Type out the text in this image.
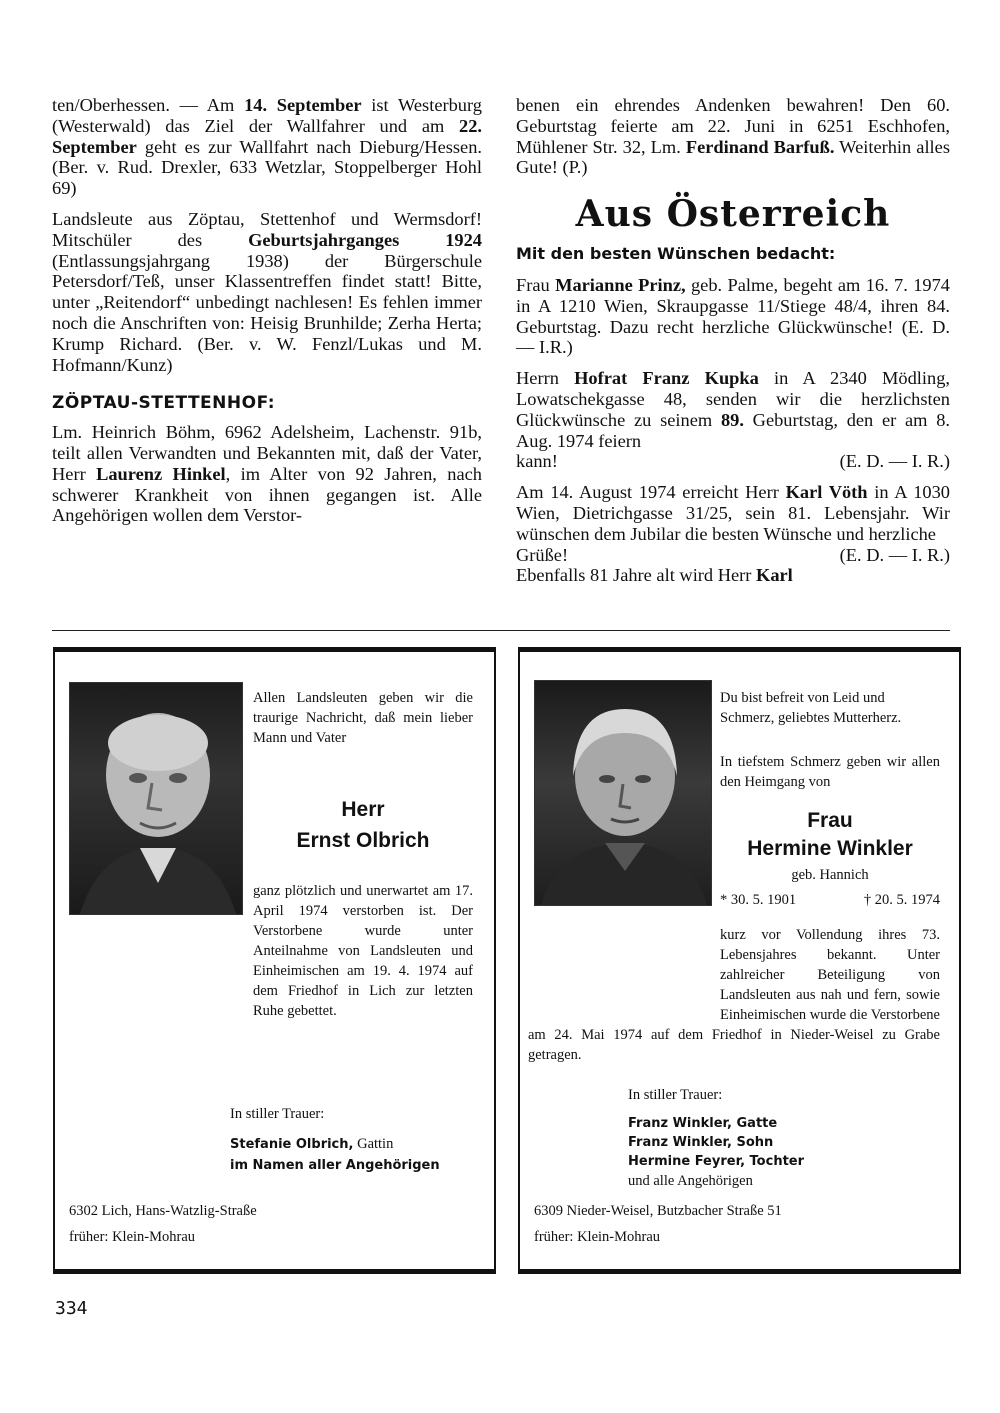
ten/Oberhessen. — Am 14. September ist Westerburg (Westerwald) das Ziel der Wallfahrer und am 22. September geht es zur Wallfahrt nach Dieburg/Hessen. (Ber. v. Rud. Drexler, 633 Wetzlar, Stoppelberger Hohl 69)

Landsleute aus Zöptau, Stettenhof und Wermsdorf! Mitschüler des Geburtsjahrganges 1924 (Entlassungsjahrgang 1938) der Bürgerschule Petersdorf/Teß, unser Klassentreffen findet statt! Bitte, unter „Reitendorf“ unbedingt nachlesen! Es fehlen immer noch die Anschriften von: Heisig Brunhilde; Zerha Herta; Krump Richard. (Ber. v. W. Fenzl/Lukas und M. Hofmann/Kunz)

ZÖPTAU-STETTENHOF:

Lm. Heinrich Böhm, 6962 Adelsheim, Lachenstr. 91b, teilt allen Verwandten und Bekannten mit, daß der Vater, Herr Laurenz Hinkel, im Alter von 92 Jahren, nach schwerer Krankheit von ihnen gegangen ist. Alle Angehörigen wollen dem Verstor-

benen ein ehrendes Andenken bewahren! Den 60. Geburtstag feierte am 22. Juni in 6251 Eschhofen, Mühlener Str. 32, Lm. Ferdinand Barfuß. Weiterhin alles Gute! (P.)

Aus Österreich
Mit den besten Wünschen bedacht:

Frau Marianne Prinz, geb. Palme, begeht am 16. 7. 1974 in A 1210 Wien, Skraupgasse 11/Stiege 48/4, ihren 84. Geburtstag. Dazu recht herzliche Glückwünsche! (E. D. — I.R.)

Herrn Hofrat Franz Kupka in A 2340 Mödling, Lowatschekgasse 48, senden wir die herzlichsten Glückwünsche zu seinem 89. Geburtstag, den er am 8. Aug. 1974 feiern

kann!	(E. D. — I. R.)

Am 14. August 1974 erreicht Herr Karl Vöth in A 1030 Wien, Dietrichgasse 31/25, sein 81. Lebensjahr. Wir wünschen dem Jubilar die besten Wünsche und herzliche

Grüße!	(E. D. — I. R.)

Ebenfalls 81 Jahre alt wird Herr Karl

Allen Landsleuten geben wir die traurige Nachricht, daß mein lieber Mann und Vater
Herr
Ernst Olbrich
ganz plötzlich und unerwartet am 17. April 1974 verstorben ist. Der Verstorbene wurde unter Anteilnahme von Landsleuten und Einheimischen am 19. 4. 1974 auf dem Friedhof in Lich zur letzten Ruhe gebettet.
In stiller Trauer:
Stefanie Olbrich, Gattin
im Namen aller Angehörigen
6302 Lich, Hans-Watzlig-Straße
früher: Klein-Mohrau
Du bist befreit von Leid und Schmerz, geliebtes Mutterherz.
In tiefstem Schmerz geben wir allen den Heimgang von
Frau
Hermine Winkler
geb. Hannich
* 30. 5. 1901	† 20. 5. 1974
kurz vor Vollendung ihres 73. Lebensjahres bekannt. Unter zahlreicher Beteiligung von Landsleuten aus nah und fern, sowie Einheimischen wurde die Verstorbene am 24. Mai 1974 auf dem Friedhof in Nieder-Weisel zu Grabe getragen.
In stiller Trauer:
Franz Winkler, Gatte
Franz Winkler, Sohn
Hermine Feyrer, Tochter
und alle Angehörigen
6309 Nieder-Weisel, Butzbacher Straße 51
früher: Klein-Mohrau
334
